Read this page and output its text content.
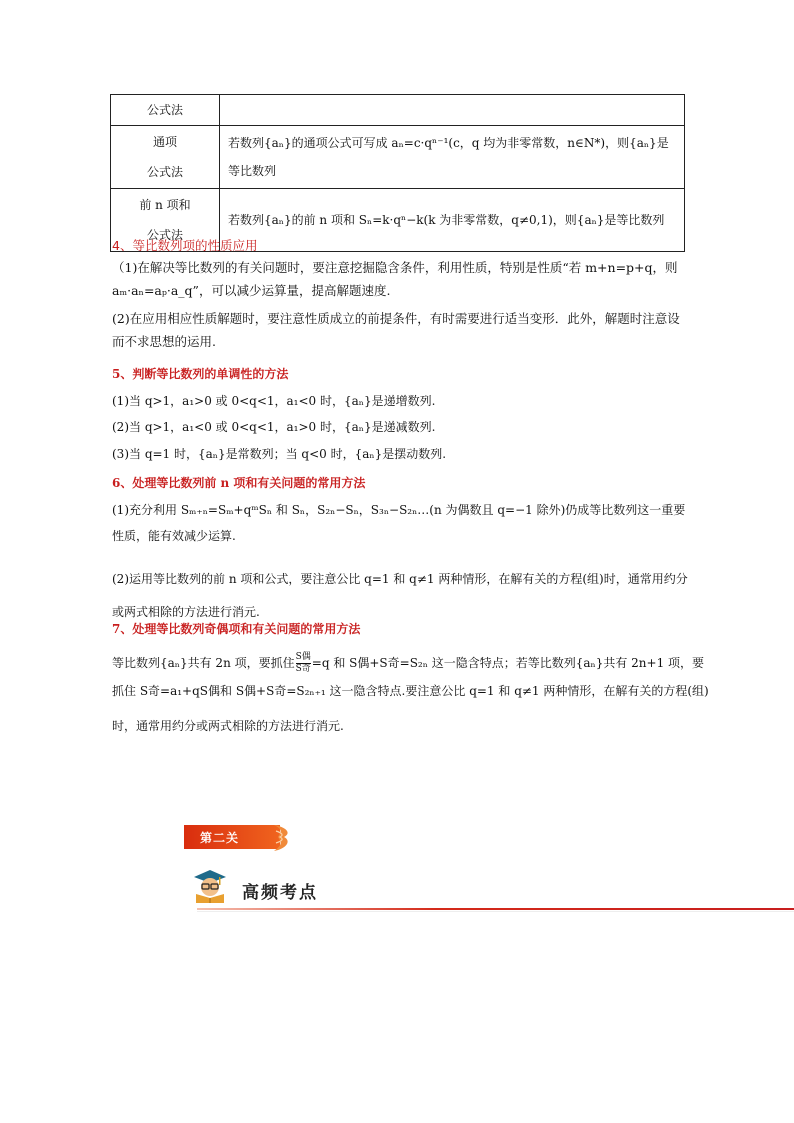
公式法	
通项
公式法	若数列{aₙ}的通项公式可写成 aₙ=c·qⁿ⁻¹(c，q 均为非零常数，n∈N*)，则{aₙ}是等比数列
前 n 项和
公式法	若数列{aₙ}的前 n 项和 Sₙ=k·qⁿ−k(k 为非零常数，q≠0,1)，则{aₙ}是等比数列
4、等比数列项的性质应用
（1)在解决等比数列的有关问题时，要注意挖掘隐含条件，利用性质，特别是性质“若 m+n=p+q，则 aₘ·aₙ=aₚ·a_q”，可以减少运算量，提高解题速度.
(2)在应用相应性质解题时，要注意性质成立的前提条件，有时需要进行适当变形．此外，解题时注意设而不求思想的运用.
5、判断等比数列的单调性的方法
(1)当 q>1，a₁>0 或 0<q<1，a₁<0 时，{aₙ}是递增数列.
(2)当 q>1，a₁<0 或 0<q<1，a₁>0 时，{aₙ}是递减数列.
(3)当 q=1 时，{aₙ}是常数列；当 q<0 时，{aₙ}是摆动数列.
6、处理等比数列前 n 项和有关问题的常用方法
(1)充分利用 Sₘ₊ₙ=Sₘ+qᵐSₙ 和 Sₙ，S₂ₙ−Sₙ，S₃ₙ−S₂ₙ…(n 为偶数且 q=−1 除外)仍成等比数列这一重要性质，能有效减少运算.
(2)运用等比数列的前 n 项和公式，要注意公比 q=1 和 q≠1 两种情形，在解有关的方程(组)时，通常用约分或两式相除的方法进行消元.
7、处理等比数列奇偶项和有关问题的常用方法
等比数列{aₙ}共有 2n 项，要抓住 S偶
S奇 =q 和 S偶+S奇=S₂ₙ 这一隐含特点；若等比数列{aₙ}共有 2n+1 项，要
抓住 S奇=a₁+qS偶和 S偶+S奇=S₂ₙ₊₁ 这一隐含特点.要注意公比 q=1 和 q≠1 两种情形，在解有关的方程(组)
时，通常用约分或两式相除的方法进行消元.
第二关
高频考点
